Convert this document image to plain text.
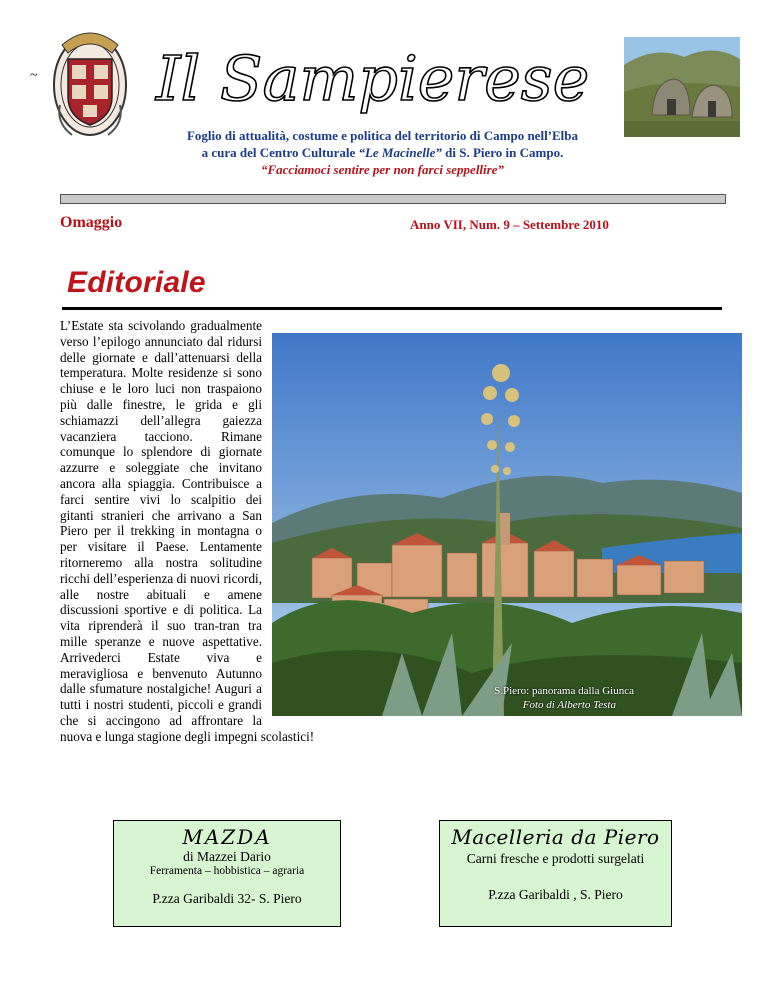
~ Il Sampierese
Foglio di attualità, costume e politica del territorio di Campo nell’Elba
a cura del Centro Culturale “Le Macinelle” di S. Piero in Campo.
“Facciamoci sentire per non farci seppellire”
Omaggio	Anno VII, Num. 9 – Settembre 2010
Editoriale
S.Piero: panorama dalla Giunca
Foto di Alberto Testa
L’Estate sta scivolando gradualmente verso l’epilogo annunciato dal ridursi delle giornate e dall’attenuarsi della temperatura. Molte residenze si sono chiuse e le loro luci non traspaiono più dalle finestre, le grida e gli schiamazzi dell’allegra gaiezza vacanziera tacciono. Rimane comunque lo splendore di giornate azzurre e soleggiate che invitano ancora alla spiaggia. Contribuisce a farci sentire vivi lo scalpitio dei gitanti stranieri che arrivano a San Piero per il trekking in montagna o per visitare il Paese. Lentamente ritorneremo alla nostra solitudine ricchi dell’esperienza di nuovi ricordi, alle nostre abituali e amene discussioni sportive e di politica. La vita riprenderà il suo tran-tran tra mille speranze e nuove aspettative. Arrivederci Estate viva e meravigliosa e benvenuto Autunno dalle sfumature nostalgiche! Auguri a tutti i nostri studenti, piccoli e grandi che si accingono ad affrontare la nuova e lunga stagione degli impegni scolastici!
MAZDA
di Mazzei Dario
Ferramenta – hobbistica – agraria
P.zza Garibaldi 32- S. Piero
Macelleria da Piero
Carni fresche e prodotti surgelati
P.zza Garibaldi , S. Piero
